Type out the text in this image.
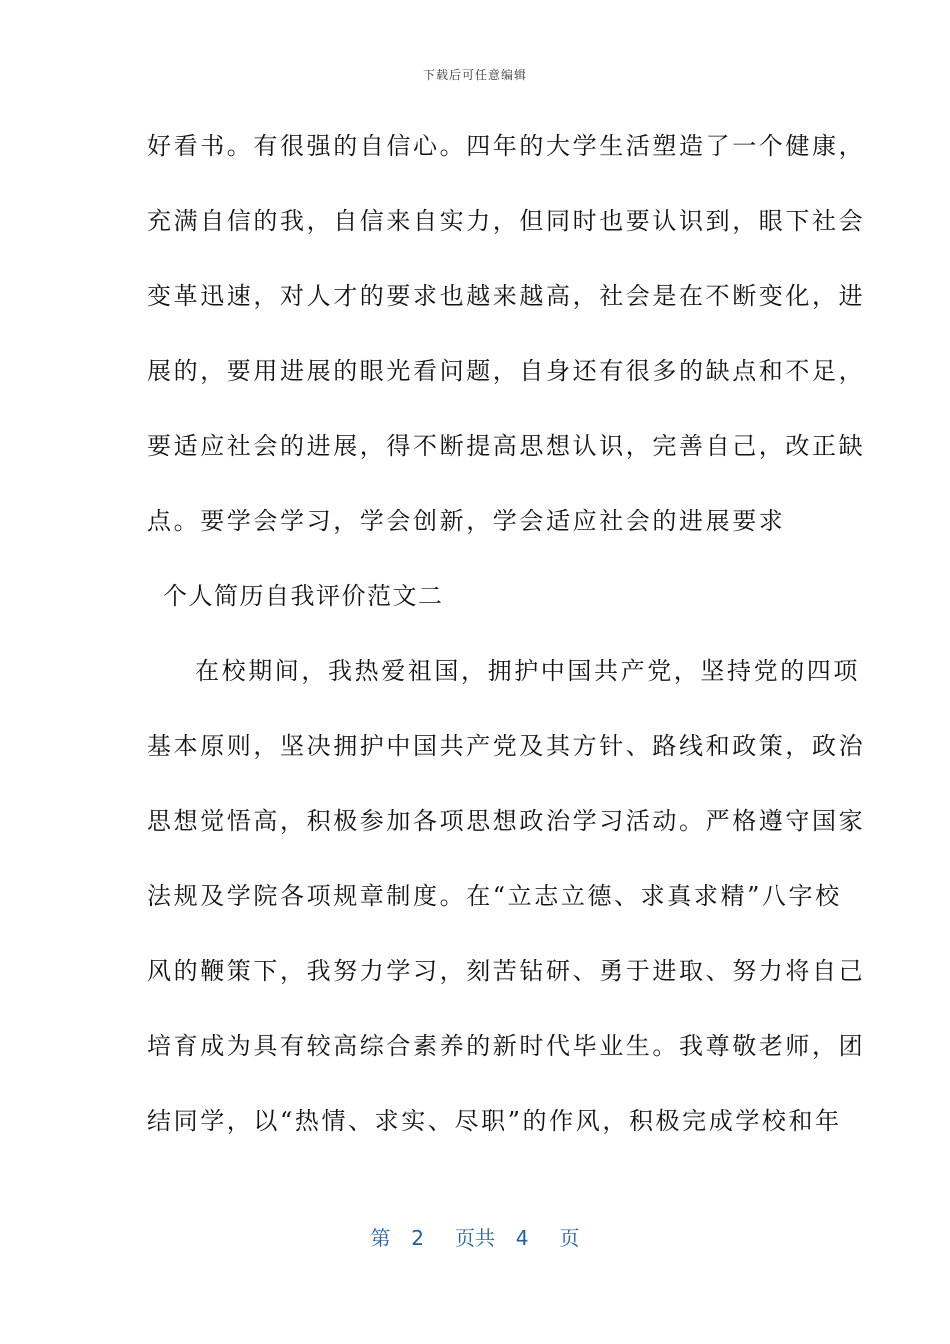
下载后可任意编辑
好看书。有很强的自信心。四年的大学生活塑造了一个健康，
充满自信的我，自信来自实力，但同时也要认识到，眼下社会
变革迅速，对人才的要求也越来越高，社会是在不断变化，进
展的，要用进展的眼光看问题，自身还有很多的缺点和不足，
要适应社会的进展，得不断提高思想认识，完善自己，改正缺
点。要学会学习，学会创新，学会适应社会的进展要求
个人简历自我评价范文二
在校期间，我热爱祖国，拥护中国共产党，坚持党的四项
基本原则，坚决拥护中国共产党及其方针、路线和政策，政治
思想觉悟高，积极参加各项思想政治学习活动。严格遵守国家
法规及学院各项规章制度。在“立志立德、求真求精”八字校
风的鞭策下，我努力学习，刻苦钻研、勇于进取、努力将自己
培育成为具有较高综合素养的新时代毕业生。我尊敬老师，团
结同学，以“热情、求实、尽职”的作风，积极完成学校和年
第 2 页共 4 页
